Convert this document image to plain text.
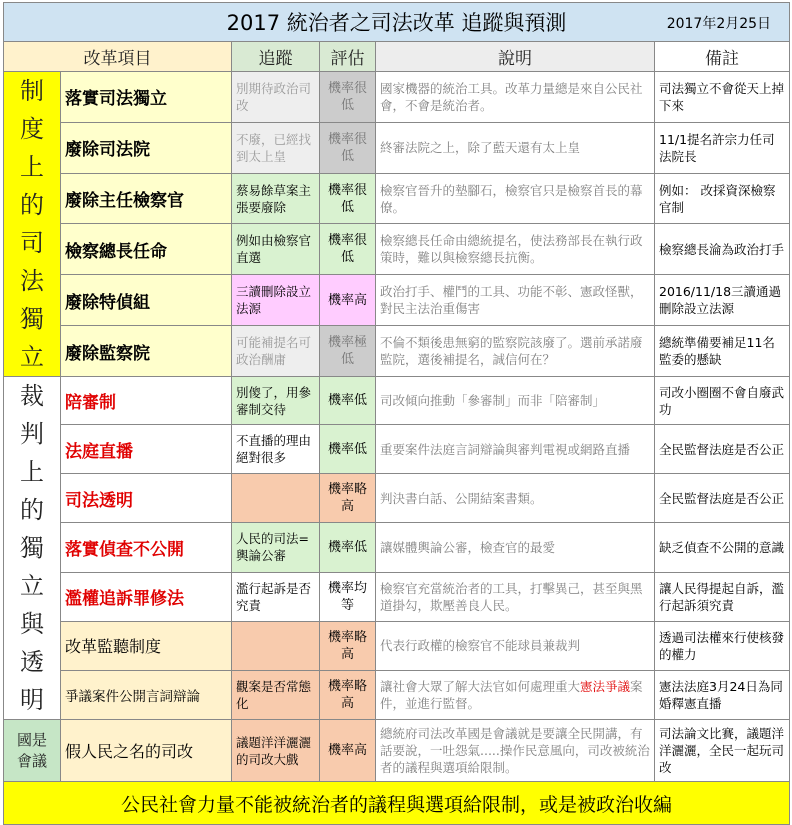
2017 統治者之司法改革 追蹤與預測 2017年2月25日					

改革項目		追蹤	評估	說明	備註

制度上的司法獨立	落實司法獨立	別期待政治司改	機率很低	國家機器的統治工具。改革力量總是來自公民社會，不會是統治者。	司法獨立不會從天上掉下來
	廢除司法院	不廢，已經找到太上皇	機率很低	終審法院之上，除了藍天還有太上皇	11/1提名許宗力任司法院長
	廢除主任檢察官	蔡易餘草案主張要廢除	機率很低	檢察官晉升的墊腳石，檢察官只是檢察首長的幕僚。	例如： 改採資深檢察官制
	檢察總長任命	例如由檢察官直選	機率很低	檢察總長任命由總統提名，使法務部長在執行政策時，難以與檢察總長抗衡。	檢察總長淪為政治打手
	廢除特偵組	三讀刪除設立法源	機率高	政治打手、權鬥的工具、功能不彰、憲政怪獸，對民主法治重傷害	2016/11/18三讀通過刪除設立法源
	廢除監察院	可能補提名可政治酬庸	機率極低	不倫不類後患無窮的監察院該廢了。選前承諾廢監院，選後補提名，誠信何在？	總統準備要補足11名監委的懸缺

裁判上的獨立與透明	陪審制	別傻了，用參審制交待	機率低	司改傾向推動「參審制」而非「陪審制」	司改小圈圈不會自廢武功
	法庭直播	不直播的理由絕對很多	機率低	重要案件法庭言詞辯論與審判電視或網路直播	全民監督法庭是否公正
	司法透明		機率略高	判決書白話、公開結案書類。	全民監督法庭是否公正
	落實偵查不公開	人民的司法=輿論公審	機率低	讓媒體輿論公審，檢查官的最愛	缺乏偵查不公開的意識
	濫權追訴罪修法	濫行起訴是否究責	機率均等	檢察官充當統治者的工具，打擊異己，甚至與黑道掛勾，欺壓善良人民。	讓人民得提起自訴，濫行起訴須究責
	改革監聽制度		機率略高	代表行政權的檢察官不能球員兼裁判	透過司法權來行使核發的權力
	爭議案件公開言詞辯論	觀案是否常態化	機率略高	讓社會大眾了解大法官如何處理重大憲法爭議案件，並進行監督。	憲法法庭3月24日為同婚釋憲直播

國是會議	假人民之名的司改	議題洋洋灑灑的司改大戲	機率高	總統府司法改革國是會議就是要讓全民開講，有話要說，一吐怨氣.....操作民意風向，司改被統治者的議程與選項給限制。	司法論文比賽，議題洋洋灑灑，全民一起玩司改
公民社會力量不能被統治者的議程與選項給限制，或是被政治收編					
